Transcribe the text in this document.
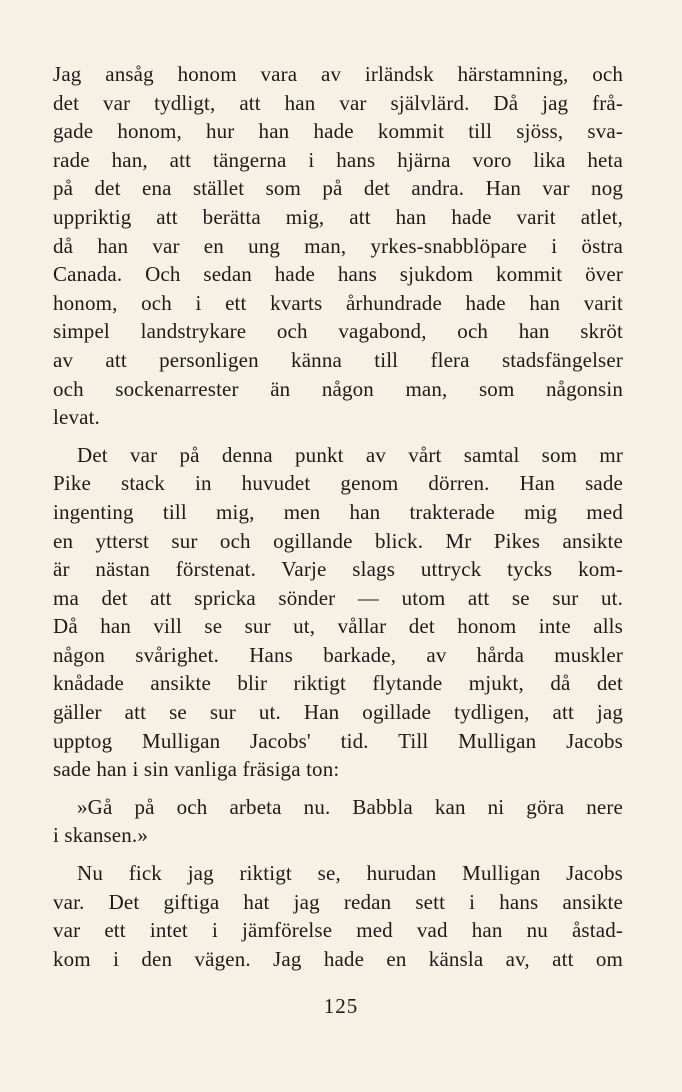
Jag ansåg honom vara av irländsk härstamning, och
det var tydligt, att han var självlärd. Då jag frå-
gade honom, hur han hade kommit till sjöss, sva-
rade han, att tängerna i hans hjärna voro lika heta
på det ena stället som på det andra. Han var nog
uppriktig att berätta mig, att han hade varit atlet,
då han var en ung man, yrkes-snabblöpare i östra
Canada. Och sedan hade hans sjukdom kommit över
honom, och i ett kvarts århundrade hade han varit
simpel landstrykare och vagabond, och han skröt
av att personligen känna till flera stadsfängelser
och sockenarrester än någon man, som någonsin
levat.
Det var på denna punkt av vårt samtal som mr
Pike stack in huvudet genom dörren. Han sade
ingenting till mig, men han trakterade mig med
en ytterst sur och ogillande blick. Mr Pikes ansikte
är nästan förstenat. Varje slags uttryck tycks kom-
ma det att spricka sönder — utom att se sur ut.
Då han vill se sur ut, vållar det honom inte alls
någon svårighet. Hans barkade, av hårda muskler
knådade ansikte blir riktigt flytande mjukt, då det
gäller att se sur ut. Han ogillade tydligen, att jag
upptog Mulligan Jacobs' tid. Till Mulligan Jacobs
sade han i sin vanliga fräsiga ton:
»Gå på och arbeta nu. Babbla kan ni göra nere
i skansen.»
Nu fick jag riktigt se, hurudan Mulligan Jacobs
var. Det giftiga hat jag redan sett i hans ansikte
var ett intet i jämförelse med vad han nu åstad-
kom i den vägen. Jag hade en känsla av, att om
125
